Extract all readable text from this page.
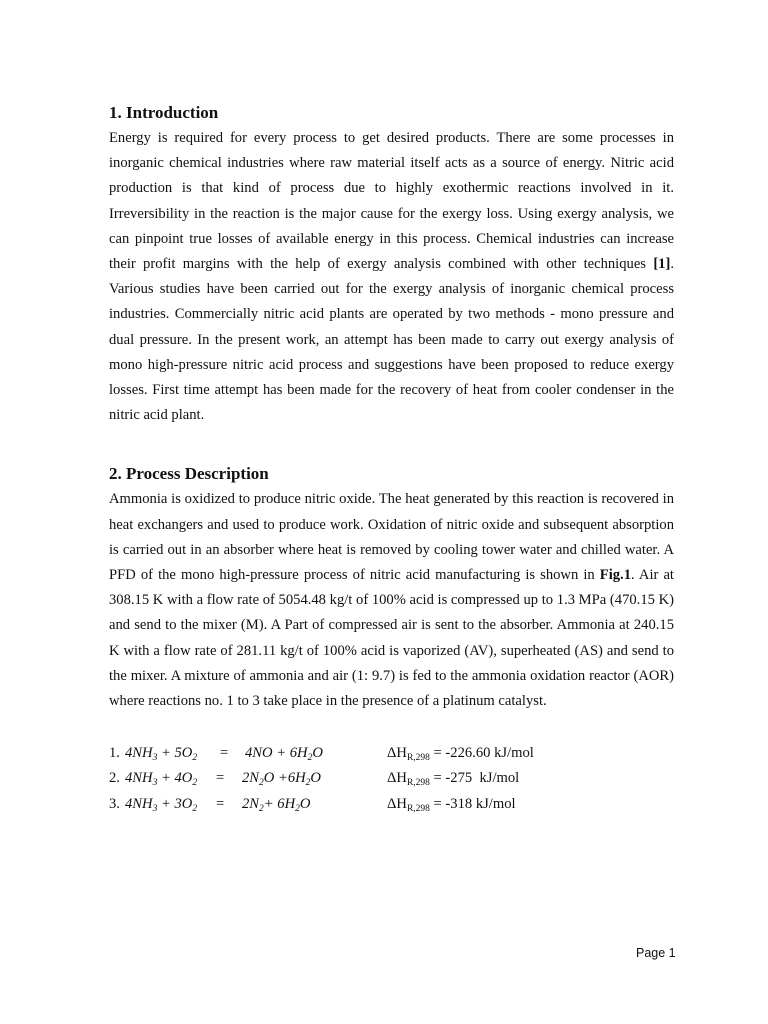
1. Introduction

Energy is required for every process to get desired products. There are some processes in inorganic chemical industries where raw material itself acts as a source of energy. Nitric acid production is that kind of process due to highly exothermic reactions involved in it. Irreversibility in the reaction is the major cause for the exergy loss. Using exergy analysis, we can pinpoint true losses of available energy in this process. Chemical industries can increase their profit margins with the help of exergy analysis combined with other techniques [1]. Various studies have been carried out for the exergy analysis of inorganic chemical process industries. Commercially nitric acid plants are operated by two methods - mono pressure and dual pressure. In the present work, an attempt has been made to carry out exergy analysis of mono high-pressure nitric acid process and suggestions have been proposed to reduce exergy losses. First time attempt has been made for the recovery of heat from cooler condenser in the nitric acid plant.

2. Process Description

Ammonia is oxidized to produce nitric oxide. The heat generated by this reaction is recovered in heat exchangers and used to produce work. Oxidation of nitric oxide and subsequent absorption is carried out in an absorber where heat is removed by cooling tower water and chilled water. A PFD of the mono high-pressure process of nitric acid manufacturing is shown in Fig.1. Air at 308.15 K with a flow rate of 5054.48 kg/t of 100% acid is compressed up to 1.3 MPa (470.15 K) and send to the mixer (M). A Part of compressed air is sent to the absorber. Ammonia at 240.15 K with a flow rate of 281.11 kg/t of 100% acid is vaporized (AV), superheated (AS) and send to the mixer. A mixture of ammonia and air (1: 9.7) is fed to the ammonia oxidation reactor (AOR) where reactions no. 1 to 3 take place in the presence of a platinum catalyst.

1. $4NH_3 + 5O_2 = 4NO + 6H_2O$	$\Delta H_{R,298} = -226.60$ kJ/mol
2. $4NH_3 + 4O_2 = 2N_2O +6H_2O$	$\Delta H_{R,298} = -275$  kJ/mol
3. $4NH_3 + 3O_2 = 2N_2+ 6H_2O$	$\Delta H_{R,298} = -318$ kJ/mol
Page 1
